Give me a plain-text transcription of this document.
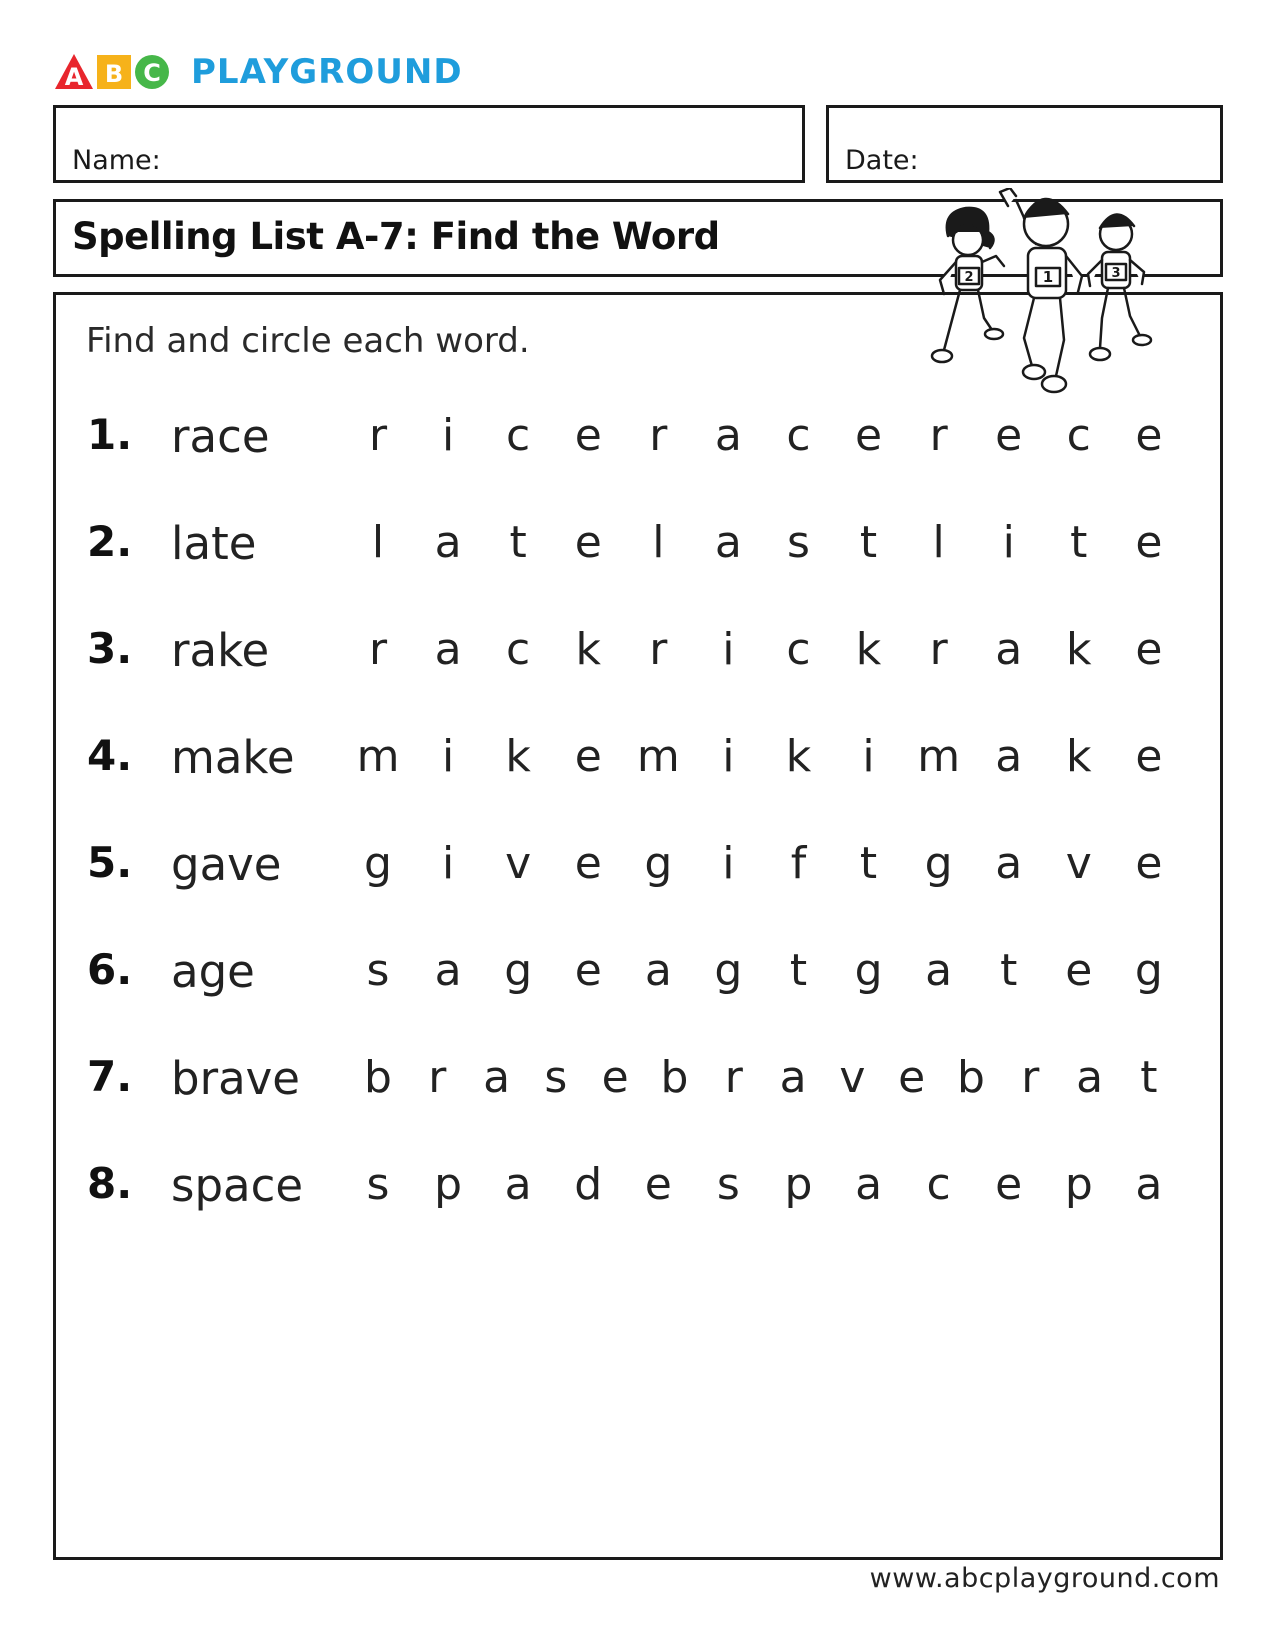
A B C PLAYGROUND
Name:	Date:
Spelling List A-7: Find the Word
Find and circle each word.
1. race r	i	c e r a c e r e c e
2. late	l	a	t	e	l	a s	t	l	i	t	e
3. rake r a c k r	i	c k r a k e
4. make m i	k e m i	k	i m a k e
5. gave g	i	v e g	i	f	t	g a v e
6. age	s a g e a g	t	g a	t	e g
7. brave b r a s e b r a v e b r a t
8. space s p a d e s p a c e p a
2	3
1
www.abcplayground.com
